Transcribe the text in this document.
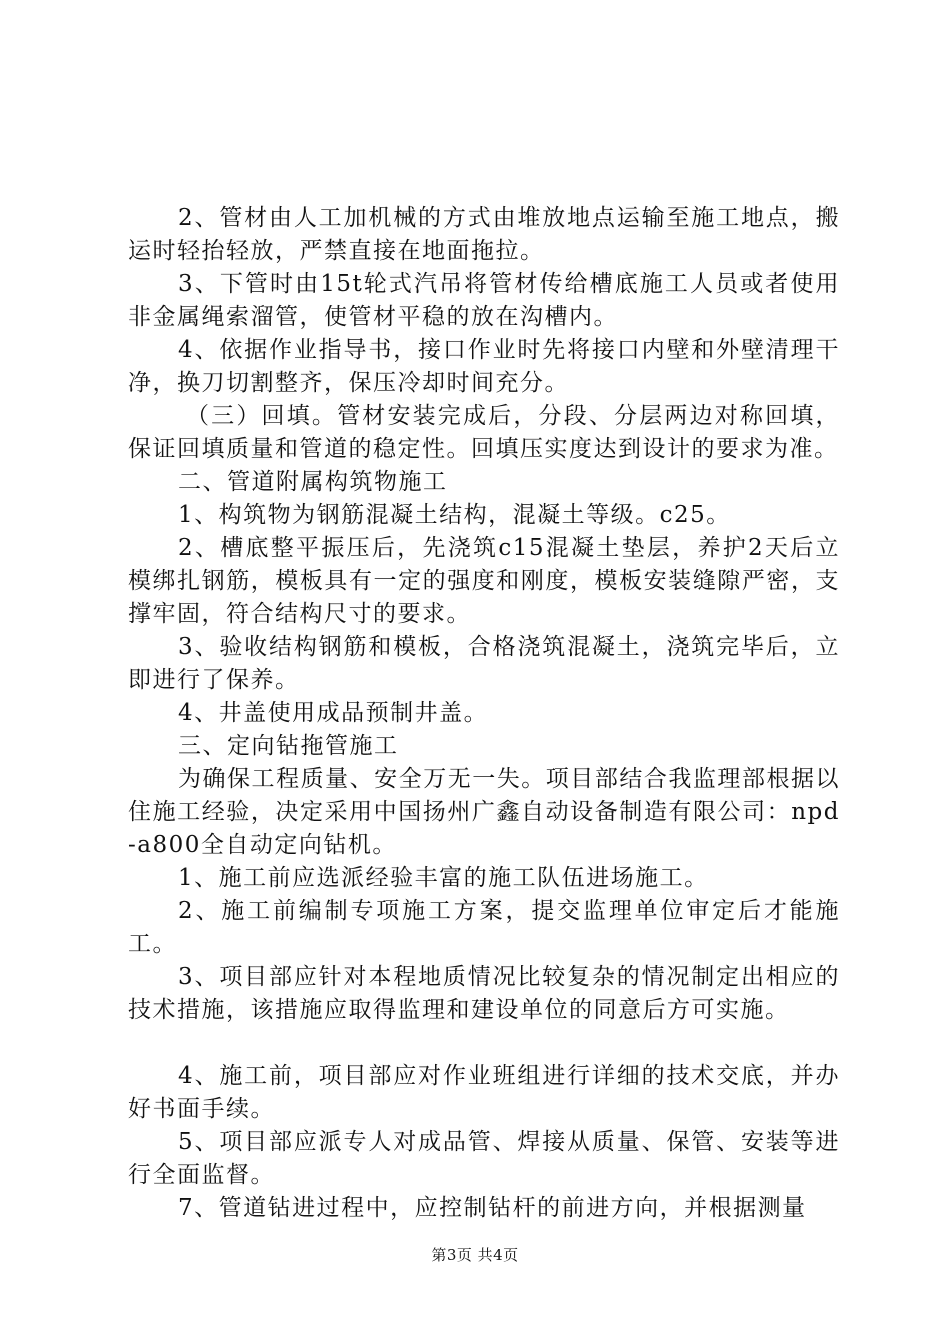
2、管材由人工加机械的方式由堆放地点运输至施工地点，搬运时轻抬轻放，严禁直接在地面拖拉。

3、下管时由15t轮式汽吊将管材传给槽底施工人员或者使用非金属绳索溜管，使管材平稳的放在沟槽内。

4、依据作业指导书，接口作业时先将接口内壁和外壁清理干净，换刀切割整齐，保压冷却时间充分。

（三）回填。管材安装完成后，分段、分层两边对称回填，保证回填质量和管道的稳定性。回填压实度达到设计的要求为准。

二、管道附属构筑物施工

1、构筑物为钢筋混凝土结构，混凝土等级。c25。

2、槽底整平振压后，先浇筑c15混凝土垫层，养护2天后立模绑扎钢筋，模板具有一定的强度和刚度，模板安装缝隙严密，支撑牢固，符合结构尺寸的要求。

3、验收结构钢筋和模板，合格浇筑混凝土，浇筑完毕后，立即进行了保养。

4、井盖使用成品预制井盖。

三、定向钻拖管施工

为确保工程质量、安全万无一失。项目部结合我监理部根据以住施工经验，决定采用中国扬州广鑫自动设备制造有限公司：npd-a800全自动定向钻机。

1、施工前应选派经验丰富的施工队伍进场施工。

2、施工前编制专项施工方案，提交监理单位审定后才能施工。

3、项目部应针对本程地质情况比较复杂的情况制定出相应的技术措施，该措施应取得监理和建设单位的同意后方可实施。

4、施工前，项目部应对作业班组进行详细的技术交底，并办好书面手续。

5、项目部应派专人对成品管、焊接从质量、保管、安装等进行全面监督。

7、管道钻进过程中，应控制钻杆的前进方向，并根据测量

第3页 共4页
